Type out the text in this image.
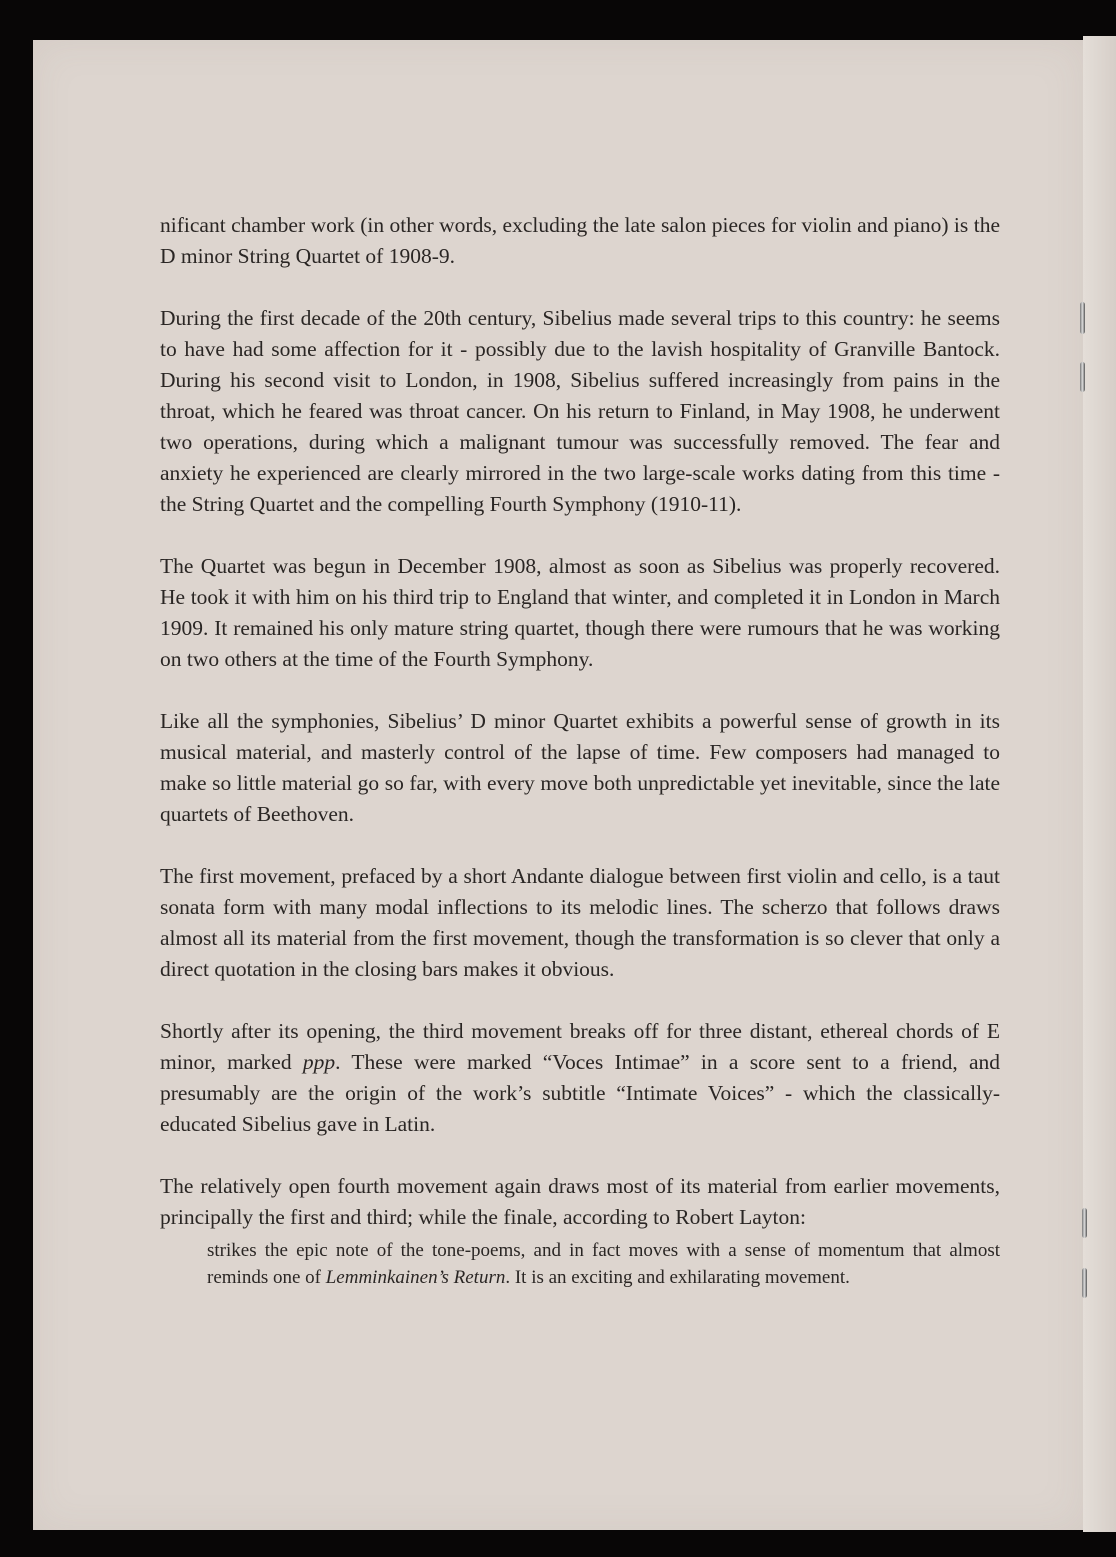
nificant chamber work (in other words, excluding the late salon pieces for violin and piano) is the D minor String Quartet of 1908-9.

During the first decade of the 20th century, Sibelius made several trips to this country: he seems to have had some affection for it - possibly due to the lavish hospitality of Granville Bantock. During his second visit to London, in 1908, Sibelius suffered increasingly from pains in the throat, which he feared was throat cancer. On his return to Finland, in May 1908, he underwent two operations, during which a malignant tumour was successfully removed. The fear and anxiety he experienced are clearly mirrored in the two large-scale works dating from this time - the String Quartet and the compelling Fourth Symphony (1910-11).

The Quartet was begun in December 1908, almost as soon as Sibelius was properly recovered. He took it with him on his third trip to England that winter, and completed it in London in March 1909. It remained his only mature string quartet, though there were rumours that he was working on two others at the time of the Fourth Symphony.

Like all the symphonies, Sibelius’ D minor Quartet exhibits a powerful sense of growth in its musical material, and masterly control of the lapse of time. Few composers had managed to make so little material go so far, with every move both unpredictable yet inevitable, since the late quartets of Beethoven.

The first movement, prefaced by a short Andante dialogue between first violin and cello, is a taut sonata form with many modal inflections to its melodic lines. The scherzo that follows draws almost all its material from the first movement, though the transformation is so clever that only a direct quotation in the closing bars makes it obvious.

Shortly after its opening, the third movement breaks off for three distant, ethereal chords of E minor, marked ppp. These were marked “Voces Intimae” in a score sent to a friend, and presumably are the origin of the work’s subtitle “Intimate Voices” - which the classically-educated Sibelius gave in Latin.

The relatively open fourth movement again draws most of its material from earlier movements, principally the first and third; while the finale, according to Robert Layton:

strikes the epic note of the tone-poems, and in fact moves with a sense of momentum that almost reminds one of Lemminkainen’s Return. It is an exciting and exhilarating movement.
